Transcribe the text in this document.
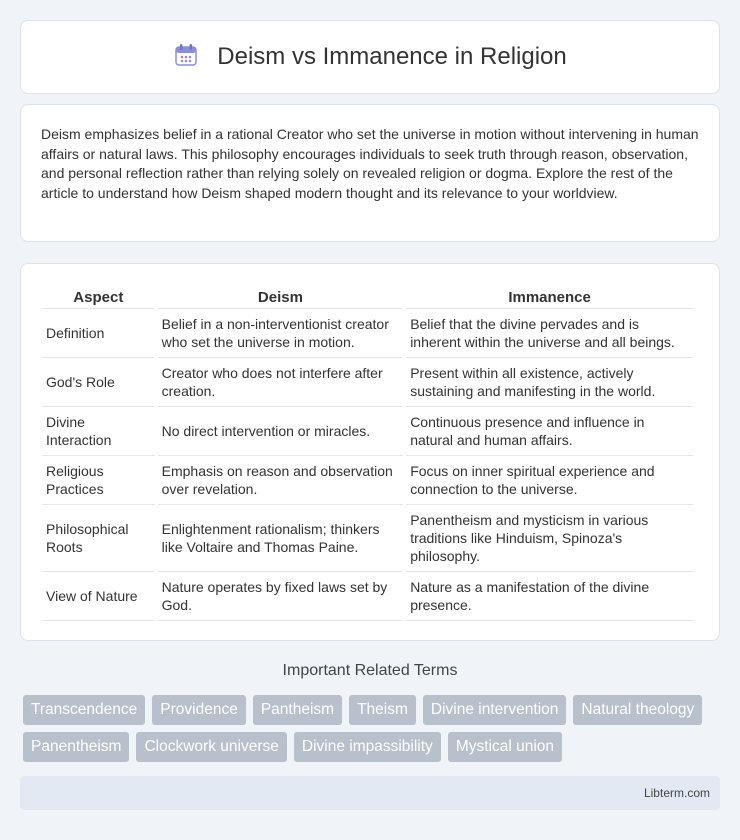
Deism vs Immanence in Religion

Deism emphasizes belief in a rational Creator who set the universe in motion without intervening in human affairs or natural laws. This philosophy encourages individuals to seek truth through reason, observation, and personal reflection rather than relying solely on revealed religion or dogma. Explore the rest of the article to understand how Deism shaped modern thought and its relevance to your worldview.

Aspect	Deism	Immanence
Definition	Belief in a non-interventionist creator who set the universe in motion.	Belief that the divine pervades and is inherent within the universe and all beings.
God's Role	Creator who does not interfere after creation.	Present within all existence, actively sustaining and manifesting in the world.
Divine Interaction	No direct intervention or miracles.	Continuous presence and influence in natural and human affairs.
Religious Practices	Emphasis on reason and observation over revelation.	Focus on inner spiritual experience and connection to the universe.
Philosophical Roots	Enlightenment rationalism; thinkers like Voltaire and Thomas Paine.	Panentheism and mysticism in various traditions like Hinduism, Spinoza's philosophy.
View of Nature	Nature operates by fixed laws set by God.	Nature as a manifestation of the divine presence.
Important Related Terms
Transcendence	Providence	Pantheism	Theism	Divine intervention	Natural theology
Panentheism	Clockwork universe	Divine impassibility	Mystical union
Libterm.com
